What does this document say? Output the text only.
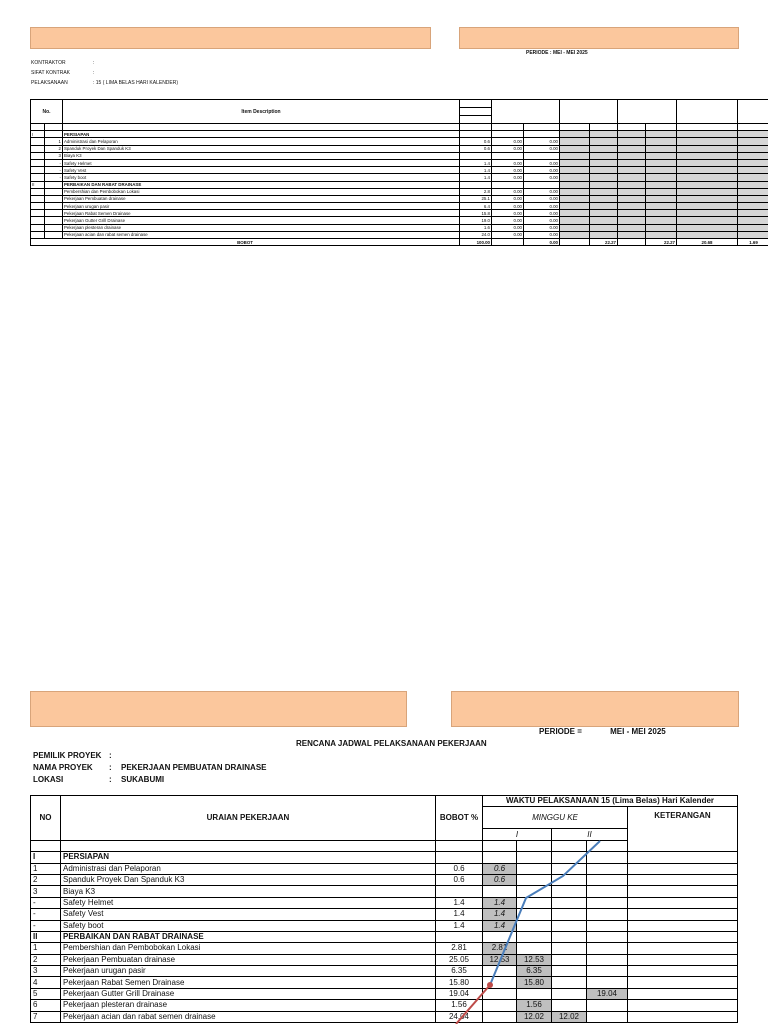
PERIODE : MEI - MEI 2025
KONTRAKTOR	:
SIFAT KONTRAK	:
PELAKSANAAN	: 15 ( LIMA BELAS HARI KALENDER)
No.		Item Description									

I		PERSIAPAN									
	1	Administrasi dan Pelaporan	0.6	0.00	0.00						
	2	Spanduk Proyek Dan Spanduk K3	0.6	0.00	0.00						
	3	Biaya K3									
	-	Safety Helmet	1.4	0.00	0.00						
	-	Safety Vest	1.4	0.00	0.00						
	-	Safety boot	1.4	0.00	0.00						
II		PERBAIKAN DAN RABAT DRAINASE									
		Pembershian dan Pembobokan Lokasi	2.8	0.00	0.00						
		Pekerjaan Pembuatan drainase	25.1	0.00	0.00						
		Pekerjaan urugan pasir	6.4	0.00	0.00						
		Pekerjaan Rabat Semen Drainase	15.8	0.00	0.00						
		Pekerjaan Gutter Grill Drainase	19.0	0.00	0.00						
		Pekerjaan plesteran drainase	1.6	0.00	0.00						
		Pekerjaan acian dan rabat semen drainase	24.0	0.00	0.00						
BOBOT			100.00		0.00		22.27		22.27	20.68	1.69
PERIODE =	MEI - MEI 2025
RENCANA JADWAL PELAKSANAAN PEKERJAAN
PEMILIK PROYEK :
NAMA PROYEK : PEKERJAAN PEMBUATAN DRAINASE
LOKASI	: SUKABUMI
NO	URAIAN PEKERJAAN	BOBOT %	WAKTU PELAKSANAAN 15 (Lima Belas) Hari Kalender				
			MINGGU KE				KETERANGAN
			I		II		

I	PERSIAPAN						
1	Administrasi dan Pelaporan	0.6	0.6				
2	Spanduk Proyek Dan Spanduk K3	0.6	0.6				
3	Biaya K3						
-	Safety Helmet	1.4	1.4				
-	Safety Vest	1.4	1.4				
-	Safety boot	1.4	1.4				
II	PERBAIKAN DAN RABAT DRAINASE						
1	Pembershian dan Pembobokan Lokasi	2.81	2.81				
2	Pekerjaan Pembuatan drainase	25.05	12.53	12.53			
3	Pekerjaan urugan pasir	6.35		6.35			
4	Pekerjaan Rabat Semen Drainase	15.80		15.80			
5	Pekerjaan Gutter Grill Drainase	19.04				19.04	
6	Pekerjaan plesteran drainase	1.56		1.56			
7	Pekerjaan acian dan rabat semen drainase	24.04		12.02	12.02		
